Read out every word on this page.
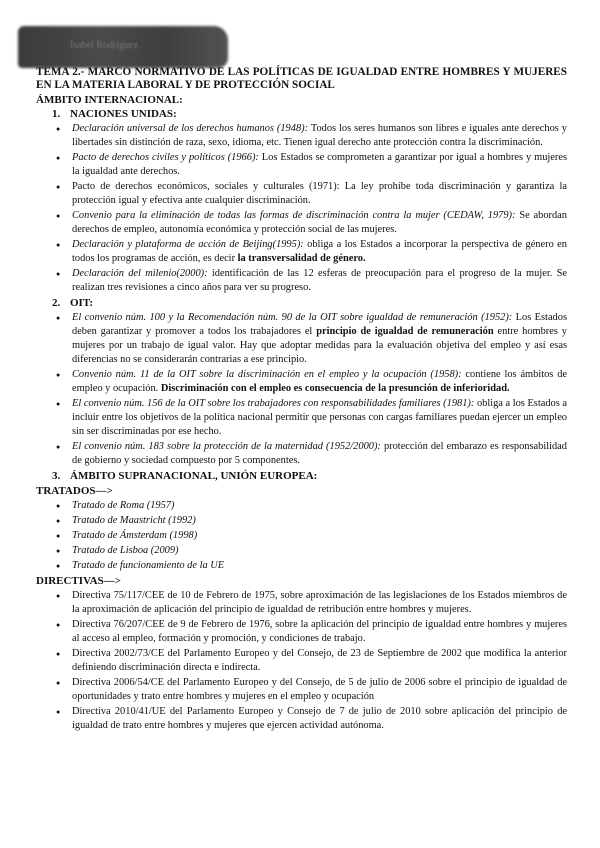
Isabel Rodríguez

TEMA 2.- MARCO NORMATIVO DE LAS POLÍTICAS DE IGUALDAD ENTRE HOMBRES Y MUJERES EN LA MATERIA LABORAL Y DE PROTECCIÓN SOCIAL

ÁMBITO INTERNACIONAL:
1. NACIONES UNIDAS:
● Declaración universal de los derechos humanos (1948): Todos los seres humanos son libres e iguales ante derechos y libertades sin distinción de raza, sexo, idioma, etc. Tienen igual derecho ante protección contra la discriminación.
● Pacto de derechos civiles y políticos (1966): Los Estados se comprometen a garantizar por igual a hombres y mujeres la igualdad ante derechos.
● Pacto de derechos económicos, sociales y culturales (1971): La ley prohíbe toda discriminación y garantiza la protección igual y efectiva ante cualquier discriminación.
● Convenio para la eliminación de todas las formas de discriminación contra la mujer (CEDAW, 1979): Se abordan derechos de empleo, autonomía económica y protección social de las mujeres.
● Declaración y plataforma de acción de Beijing(1995): obliga a los Estados a incorporar la perspectiva de género en todos los programas de acción, es decir la transversalidad de género.
● Declaración del milenio(2000): identificación de las 12 esferas de preocupación para el progreso de la mujer. Se realizan tres revisiones a cinco años para ver su progreso.
2. OIT:
● El convenio núm. 100 y la Recomendación núm. 90 de la OIT sobre igualdad de remuneración (1952): Los Estados deben garantizar y promover a todos los trabajadores el principio de igualdad de remuneración entre hombres y mujeres por un trabajo de igual valor. Hay que adoptar medidas para la evaluación objetiva del empleo y así esas diferencias no se considerarán contrarias a ese principio.
● Convenio núm. 11 de la OIT sobre la discriminación en el empleo y la ocupación (1958): contiene los ámbitos de empleo y ocupación. Discriminación con el empleo es consecuencia de la presunción de inferioridad.
● El convenio núm. 156 de la OIT sobre los trabajadores con responsabilidades familiares (1981): obliga a los Estados a incluir entre los objetivos de la política nacional permitir que personas con cargas familiares puedan ejercer un empleo sin ser discriminadas por ese hecho.
● El convenio núm. 183 sobre la protección de la maternidad (1952/2000): protección del embarazo es responsabilidad de gobierno y sociedad compuesto por 5 componentes.
3. ÁMBITO SUPRANACIONAL, UNIÓN EUROPEA:
TRATADOS—>
● Tratado de Roma (1957)
● Tratado de Maastricht (1992)
● Tratado de Ámsterdam (1998)
● Tratado de Lisboa (2009)
● Tratado de funcionamiento de la UE
DIRECTIVAS—>
● Directiva 75/117/CEE de 10 de Febrero de 1975, sobre aproximación de las legislaciones de los Estados miembros de la aproximación de aplicación del principio de igualdad de retribución entre hombres y mujeres.
● Directiva 76/207/CEE de 9 de Febrero de 1976, sobre la aplicación del principio de igualdad entre hombres y mujeres al acceso al empleo, formación y promoción, y condiciones de trabajo.
● Directiva 2002/73/CE del Parlamento Europeo y del Consejo, de 23 de Septiembre de 2002 que modifica la anterior definiendo discriminación directa e indirecta.
● Directiva 2006/54/CE del Parlamento Europeo y del Consejo, de 5 de julio de 2006 sobre el principio de igualdad de oportunidades y trato entre hombres y mujeres en el empleo y ocupación
● Directiva 2010/41/UE del Parlamento Europeo y Consejo de 7 de julio de 2010 sobre aplicación del principio de igualdad de trato entre hombres y mujeres que ejercen actividad autónoma.
